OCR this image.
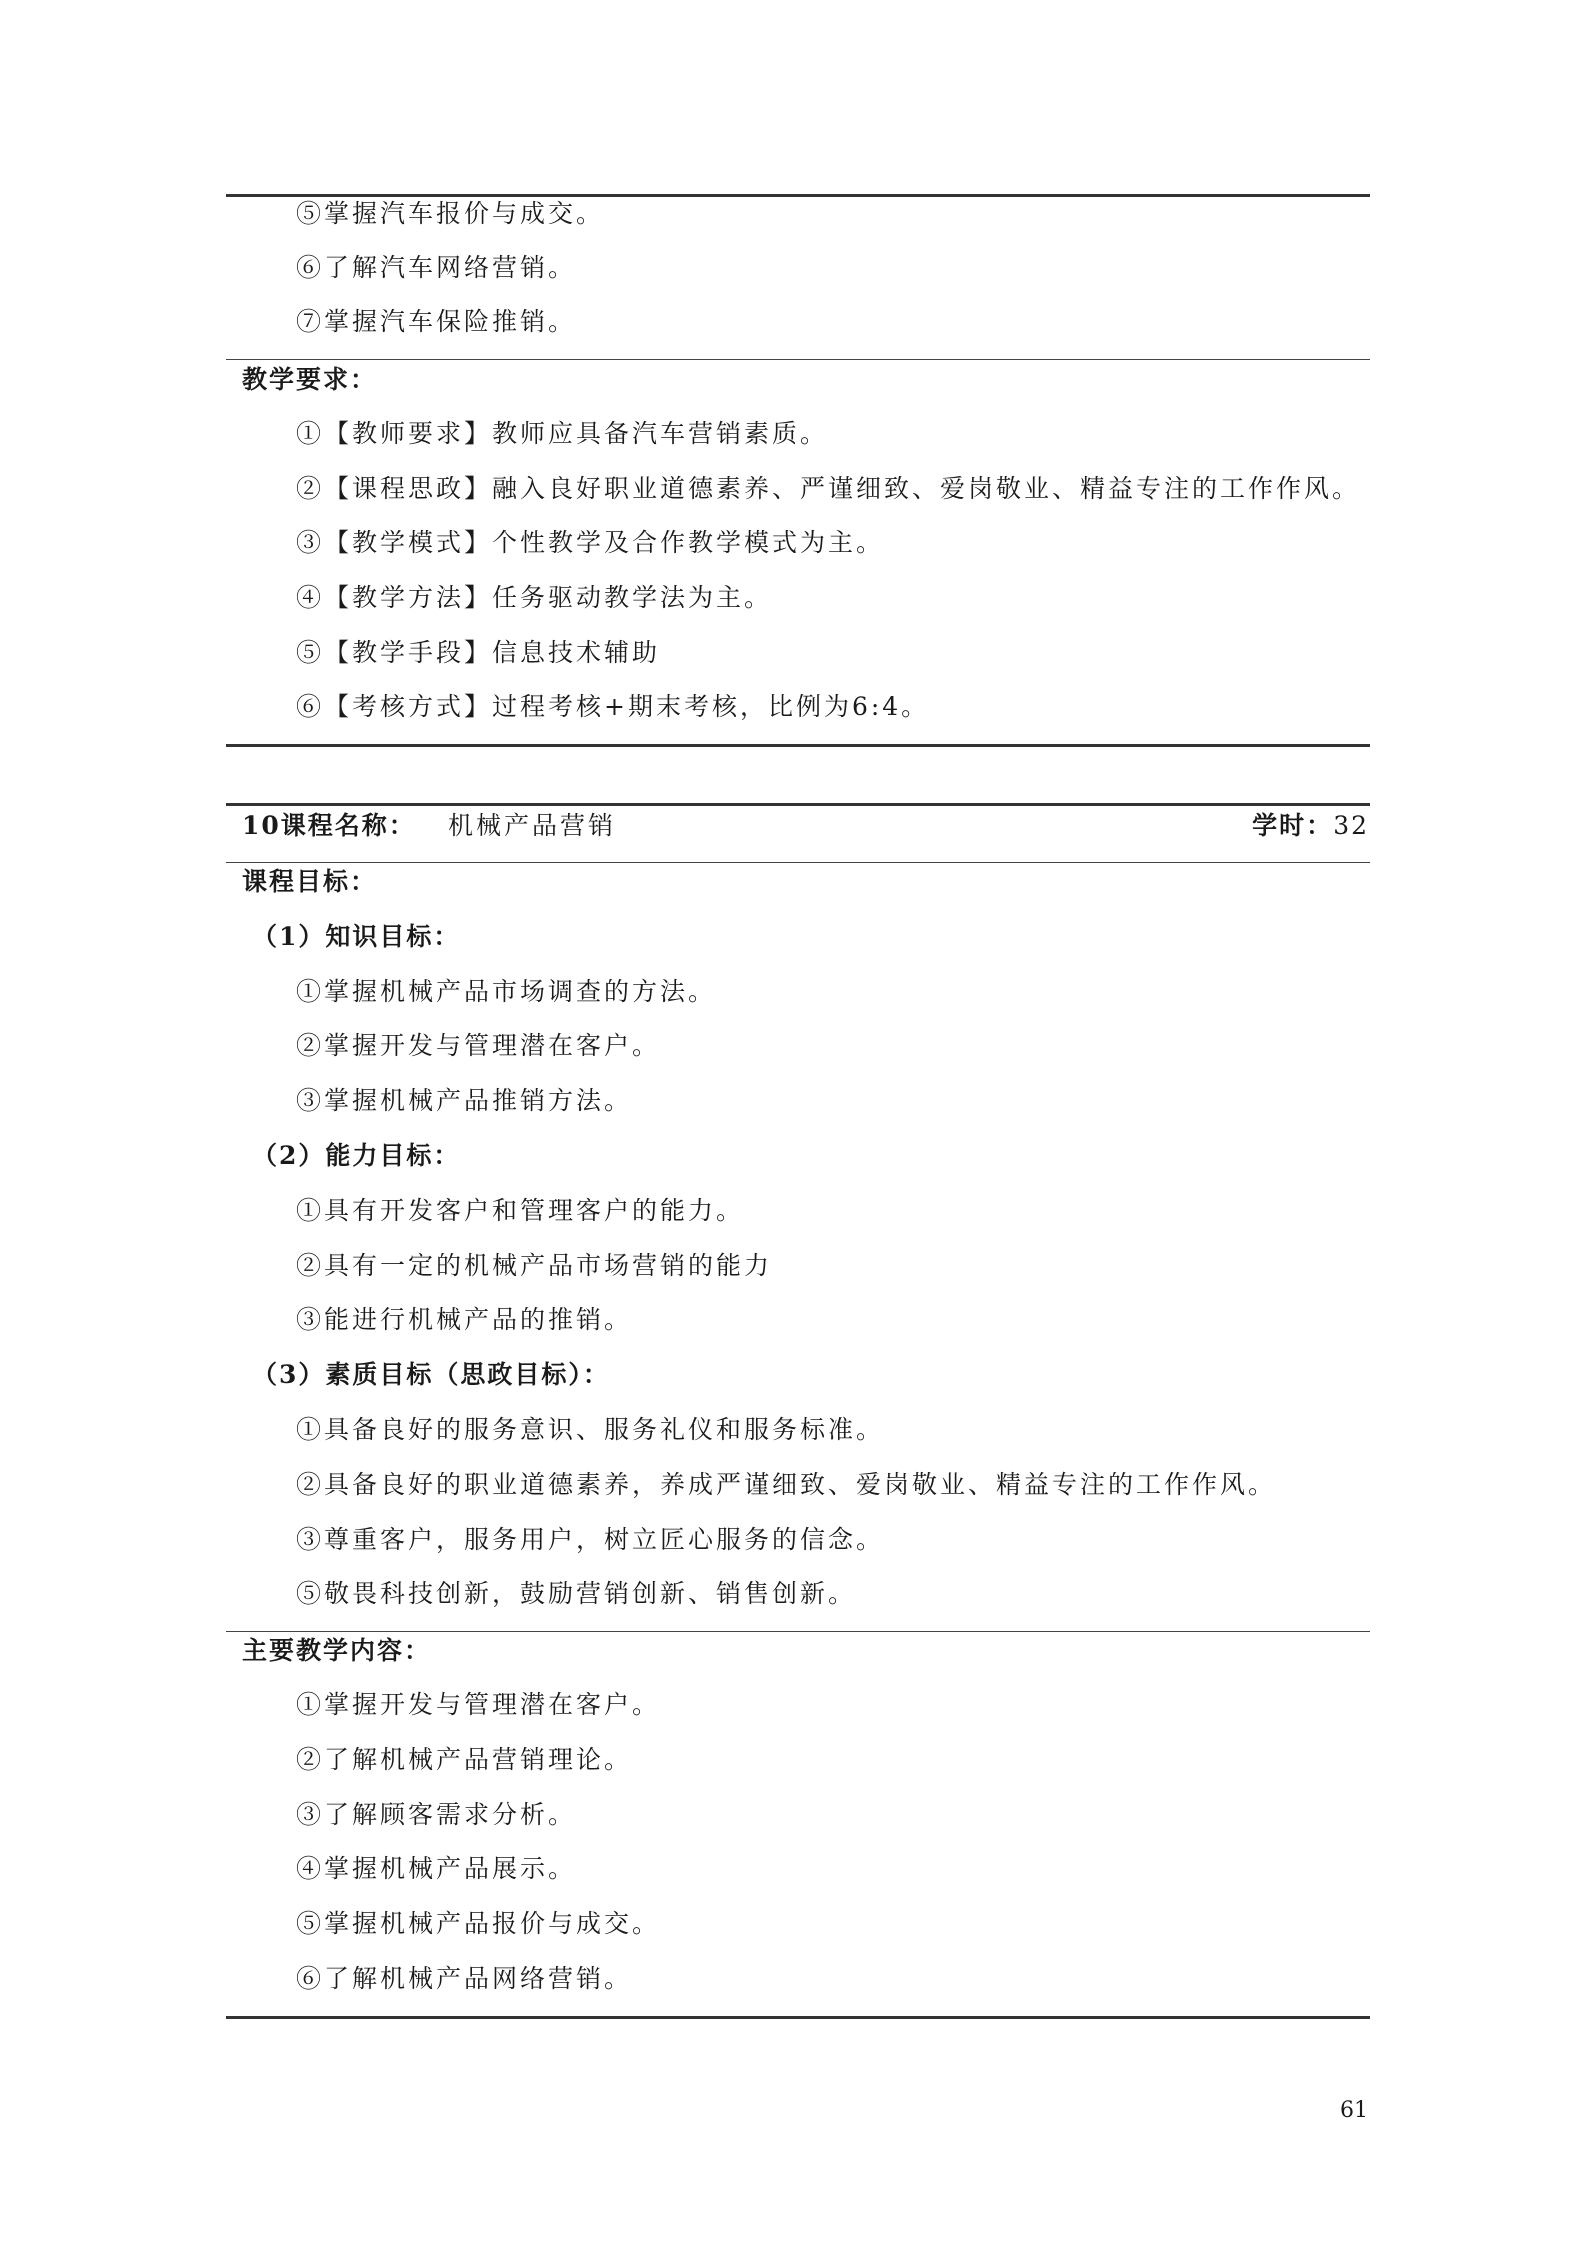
⑤掌握汽车报价与成交。
⑥了解汽车网络营销。
⑦掌握汽车保险推销。
教学要求：
①【教师要求】教师应具备汽车营销素质。
②【课程思政】融入良好职业道德素养、严谨细致、爱岗敬业、精益专注的工作作风。
③【教学模式】个性教学及合作教学模式为主。
④【教学方法】任务驱动教学法为主。
⑤【教学手段】信息技术辅助
⑥【考核方式】过程考核+期末考核，比例为6:4。
10课程名称： 机械产品营销	学时：32
课程目标：
（1）知识目标：
①掌握机械产品市场调查的方法。
②掌握开发与管理潜在客户。
③掌握机械产品推销方法。
（2）能力目标：
①具有开发客户和管理客户的能力。
②具有一定的机械产品市场营销的能力
③能进行机械产品的推销。
（3）素质目标（思政目标）：
①具备良好的服务意识、服务礼仪和服务标准。
②具备良好的职业道德素养，养成严谨细致、爱岗敬业、精益专注的工作作风。
③尊重客户，服务用户，树立匠心服务的信念。
⑤敬畏科技创新，鼓励营销创新、销售创新。
主要教学内容：
①掌握开发与管理潜在客户。
②了解机械产品营销理论。
③了解顾客需求分析。
④掌握机械产品展示。
⑤掌握机械产品报价与成交。
⑥了解机械产品网络营销。
61
